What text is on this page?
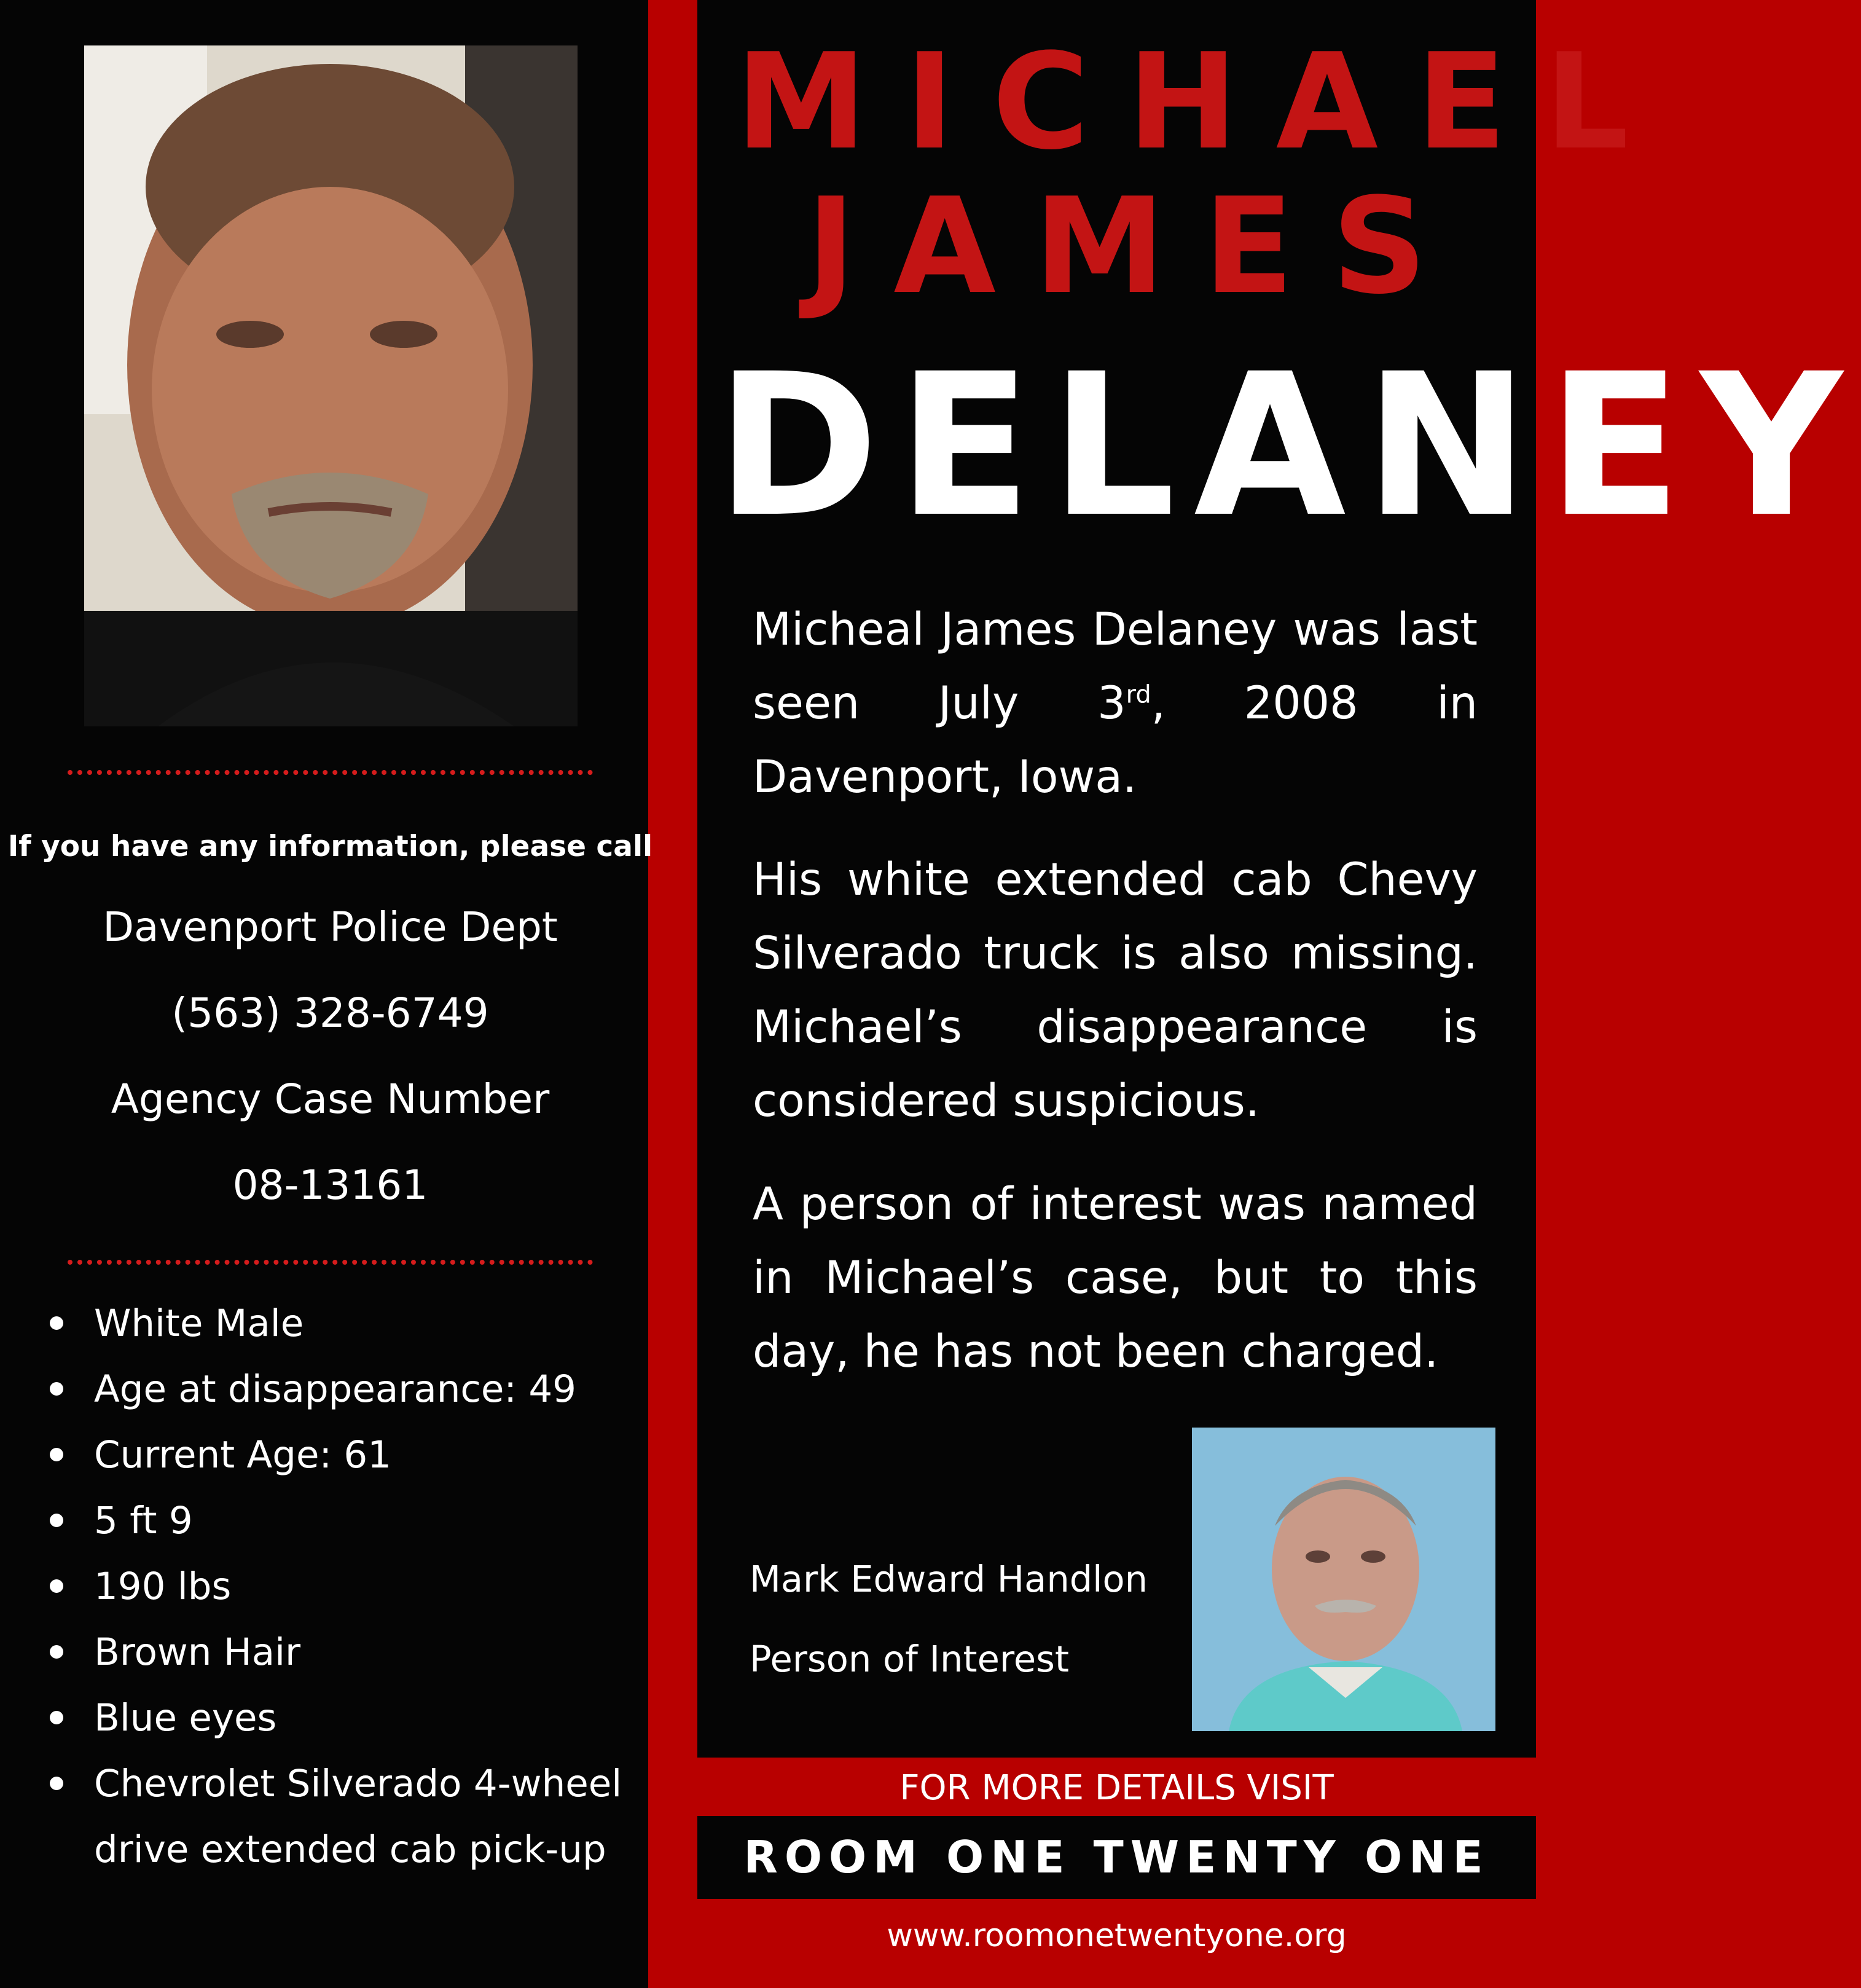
If you have any information, please call
Davenport Police Dept
(563) 328-6749
Agency Case Number
08-13161
White Male
Age at disappearance: 49
Current Age: 61
5 ft 9
190 lbs
Brown Hair
Blue eyes
Chevrolet Silverado 4-wheel drive extended cab pick-up
MICHAEL
JAMES
DELANEY
Micheal James Delaney was last seen July 3rd, 2008 in Davenport, Iowa.
His white extended cab Chevy Silverado truck is also missing. Michael’s disappearance is considered suspicious.
A person of interest was named in Michael’s case, but to this day, he has not been charged.
Mark Edward Handlon
Person of Interest
FOR MORE DETAILS VISIT
ROOM ONE TWENTY ONE
www.roomonetwentyone.org
